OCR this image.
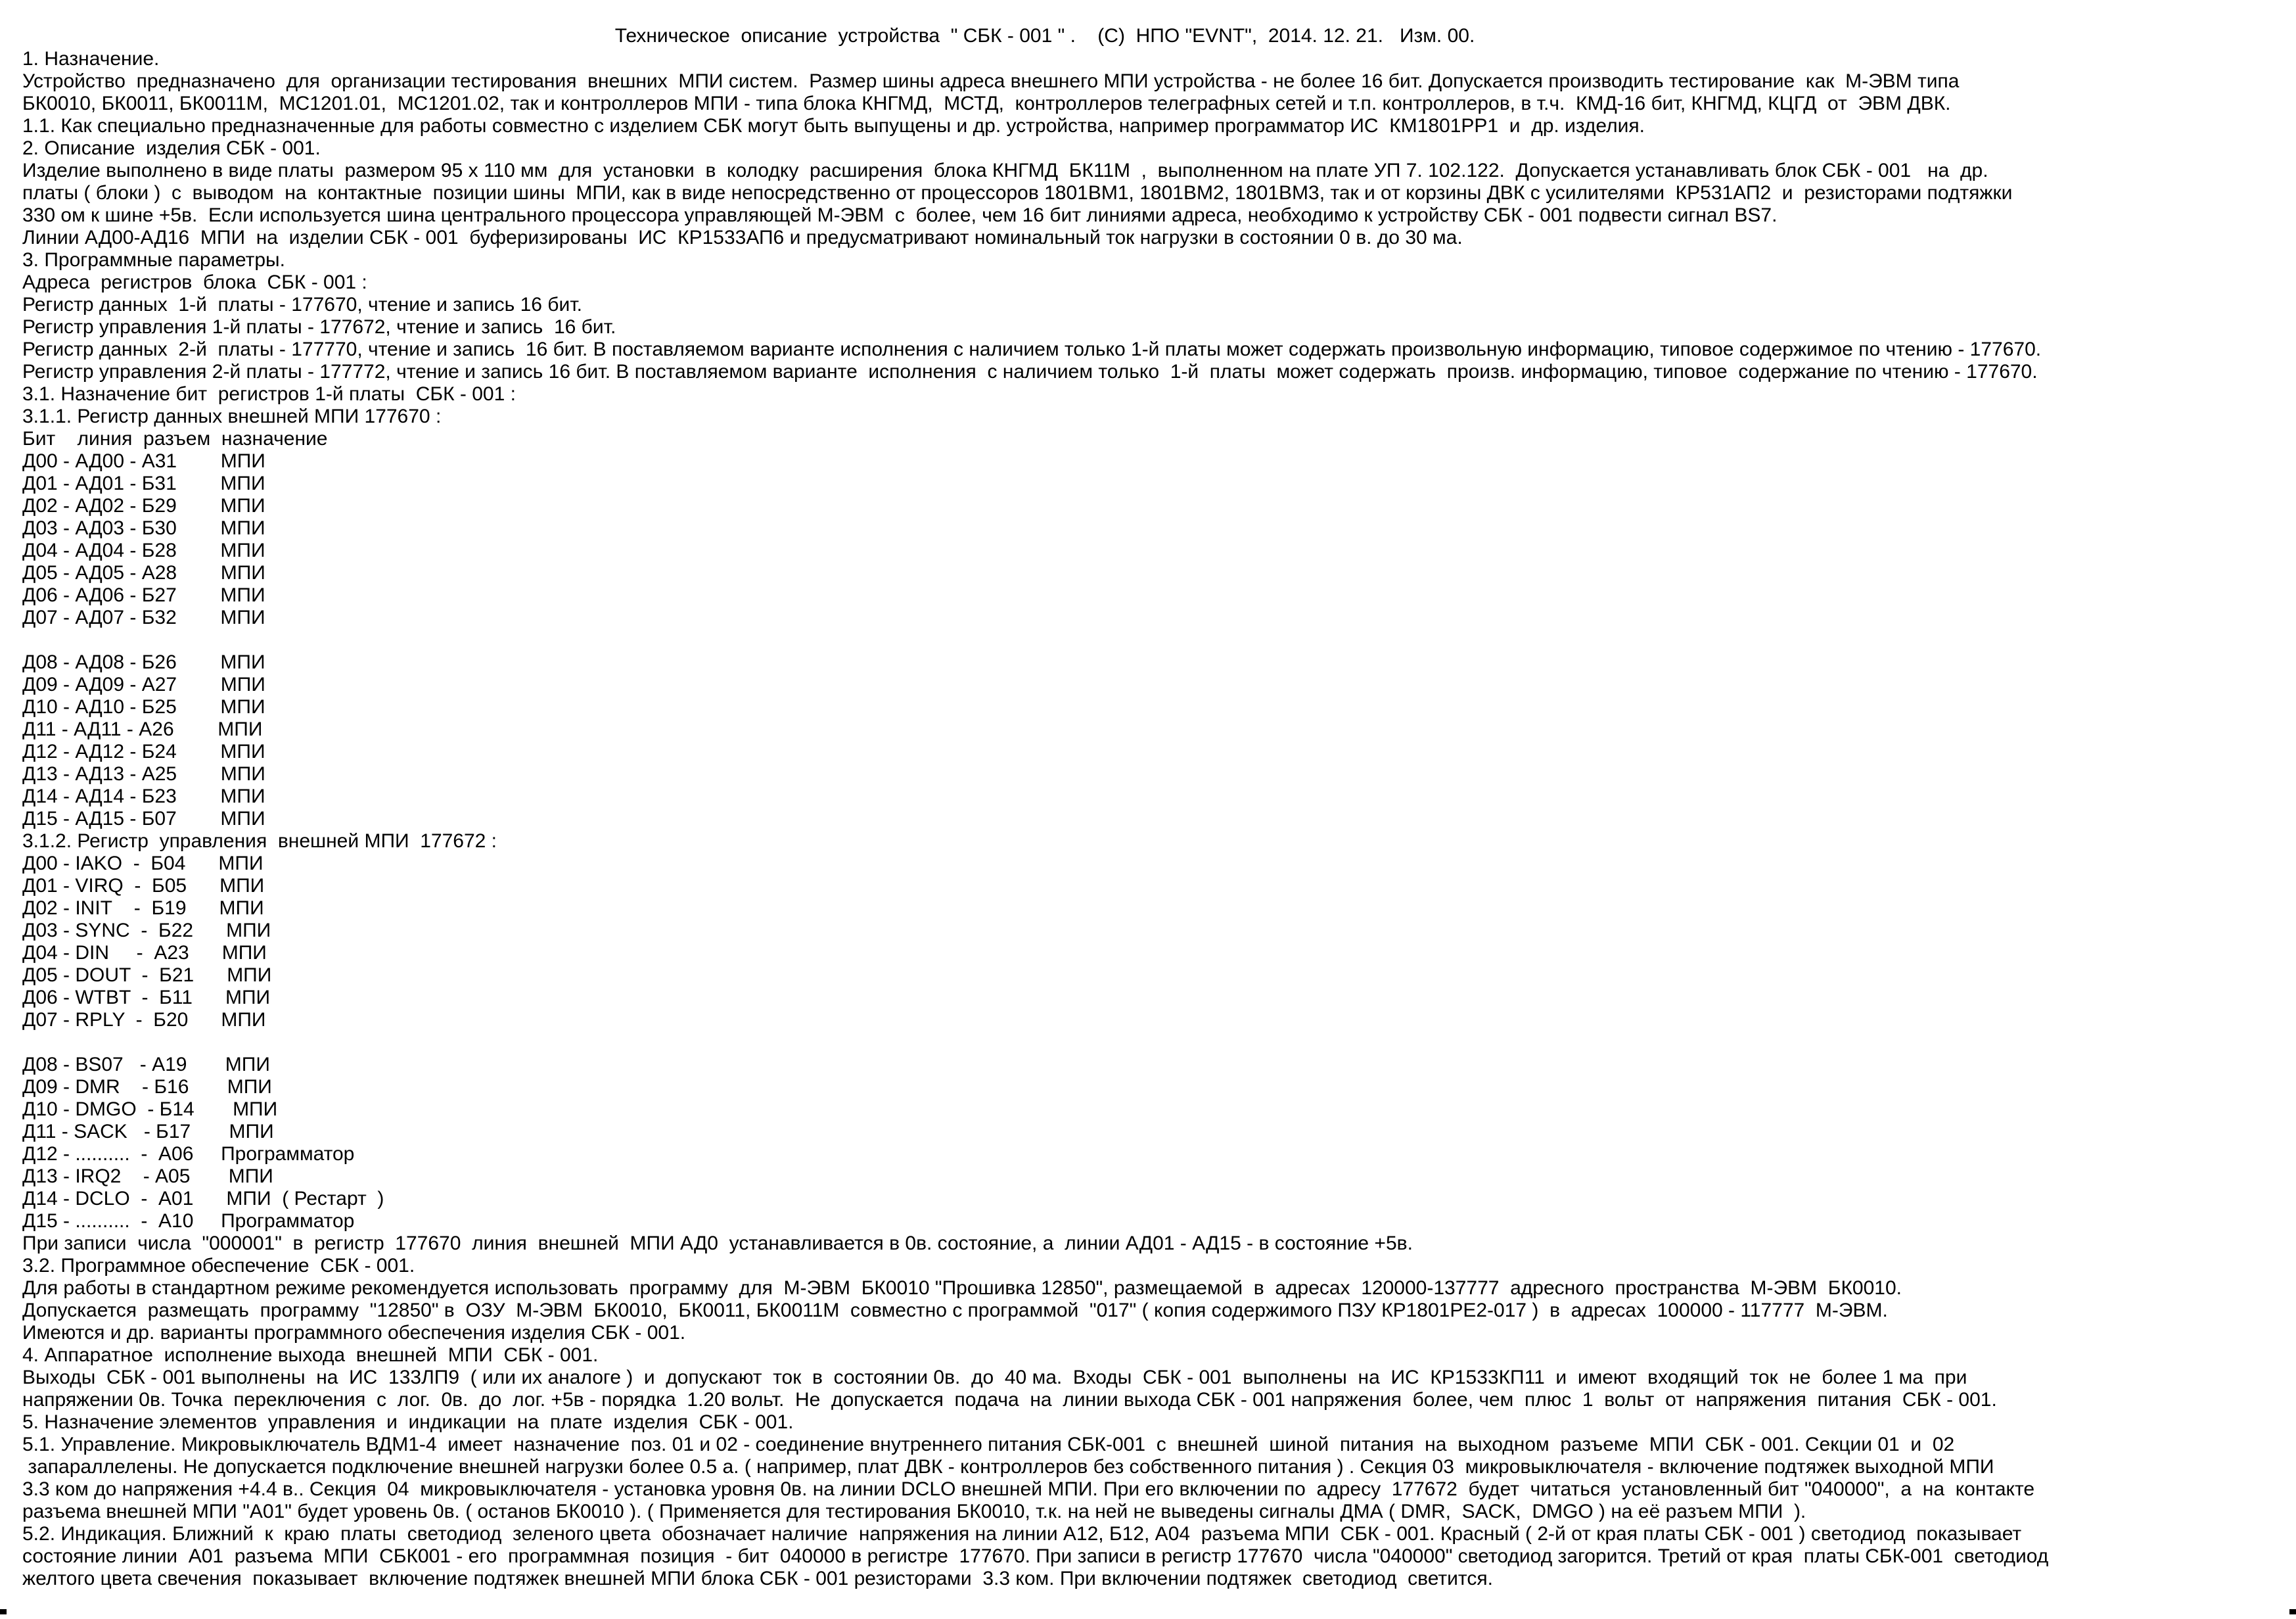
Техническое  описание  устройства  " СБК - 001 " .    (С)  НПО "EVNT",  2014. 12. 21.   Изм. 00.
1. Назначение.
Устройство  предназначено  для  организации тестирования  внешних  МПИ систем.  Размер шины адреса внешнего МПИ устройства - не более 16 бит. Допускается производить тестирование  как  М-ЭВМ типа
БК0010, БК0011, БК0011М,  МС1201.01,  МС1201.02, так и контроллеров МПИ - типа блока КНГМД,  МСТД,  контроллеров телеграфных сетей и т.п. контроллеров, в т.ч.  КМД-16 бит, КНГМД, КЦГД  от  ЭВМ ДВК.
1.1. Как специально предназначенные для работы совместно с изделием СБК могут быть выпущены и др. устройства, например программатор ИС  КМ1801РР1  и  др. изделия.
2. Описание  изделия СБК - 001.
Изделие выполнено в виде платы  размером 95 х 110 мм  для  установки  в  колодку  расширения  блока КНГМД  БК11М  ,  выполненном на плате УП 7. 102.122.  Допускается устанавливать блок СБК - 001   на  др.
платы ( блоки )  с  выводом  на  контактные  позиции шины  МПИ, как в виде непосредственно от процессоров 1801ВМ1, 1801ВМ2, 1801ВМ3, так и от корзины ДВК с усилителями  КР531АП2  и  резисторами подтяжки
330 ом к шине +5в.  Если используется шина центрального процессора управляющей М-ЭВМ  с  более, чем 16 бит линиями адреса, необходимо к устройству СБК - 001 подвести сигнал BS7.
Линии АД00-АД16  МПИ  на  изделии СБК - 001  буферизированы  ИС  КР1533АП6 и предусматривают номинальный ток нагрузки в состоянии 0 в. до 30 ма.
3. Программные параметры.
Адреса  регистров  блока  СБК - 001 :
Регистр данных  1-й  платы - 177670, чтение и запись 16 бит.
Регистр управления 1-й платы - 177672, чтение и запись  16 бит.
Регистр данных  2-й  платы - 177770, чтение и запись  16 бит. В поставляемом варианте исполнения с наличием только 1-й платы может содержать произвольную информацию, типовое содержимое по чтению - 177670.
Регистр управления 2-й платы - 177772, чтение и запись 16 бит. В поставляемом варианте  исполнения  с наличием только  1-й  платы  может содержать  произв. информацию, типовое  содержание по чтению - 177670.
3.1. Назначение бит  регистров 1-й платы  СБК - 001 :
3.1.1. Регистр данных внешней МПИ 177670 :
Бит    линия  разъем  назначение
Д00 - АД00 - А31        МПИ
Д01 - АД01 - Б31        МПИ
Д02 - АД02 - Б29        МПИ
Д03 - АД03 - Б30        МПИ
Д04 - АД04 - Б28        МПИ
Д05 - АД05 - А28        МПИ
Д06 - АД06 - Б27        МПИ
Д07 - АД07 - Б32        МПИ
Д08 - АД08 - Б26        МПИ
Д09 - АД09 - А27        МПИ
Д10 - АД10 - Б25        МПИ
Д11 - АД11 - А26        МПИ
Д12 - АД12 - Б24        МПИ
Д13 - АД13 - А25        МПИ
Д14 - АД14 - Б23        МПИ
Д15 - АД15 - Б07        МПИ
3.1.2. Регистр  управления  внешней МПИ  177672 :
Д00 - IAKO  -  Б04      МПИ
Д01 - VIRQ  -  Б05      МПИ
Д02 - INIT    -  Б19      МПИ
Д03 - SYNC  -  Б22      МПИ
Д04 - DIN     -  А23      МПИ
Д05 - DOUT  -  Б21      МПИ
Д06 - WTBT  -  Б11      МПИ
Д07 - RPLY  -  Б20      МПИ
Д08 - BS07   - А19       МПИ
Д09 - DMR    - Б16       МПИ
Д10 - DMGO  - Б14       МПИ
Д11 - SACK   - Б17       МПИ
Д12 - ..........  -  А06     Программатор
Д13 - IRQ2    - А05       МПИ
Д14 - DCLO  -  А01      МПИ  ( Рестарт  )
Д15 - ..........  -  А10     Программатор
При записи  числа  "000001"  в  регистр  177670  линия  внешней  МПИ АД0  устанавливается в 0в. состояние, а  линии АД01 - АД15 - в состояние +5в.
3.2. Программное обеспечение  СБК - 001.
Для работы в стандартном режиме рекомендуется использовать  программу  для  М-ЭВМ  БК0010 "Прошивка 12850", размещаемой  в  адресах  120000-137777  адресного  пространства  М-ЭВМ  БК0010.
Допускается  размещать  программу  "12850" в  ОЗУ  М-ЭВМ  БК0010,  БК0011, БК0011М  совместно с программой  "017" ( копия содержимого ПЗУ КР1801РЕ2-017 )  в  адресах  100000 - 117777  М-ЭВМ.
Имеются и др. варианты программного обеспечения изделия СБК - 001.
4. Аппаратное  исполнение выхода  внешней  МПИ  СБК - 001.
Выходы  СБК - 001 выполнены  на  ИС  133ЛП9  ( или их аналоге )  и  допускают  ток  в  состоянии 0в.  до  40 ма.  Входы  СБК - 001  выполнены  на  ИС  КР1533КП11  и  имеют  входящий  ток  не  более 1 ма  при
напряжении 0в. Точка  переключения  с  лог.  0в.  до  лог. +5в - порядка  1.20 вольт.  Не  допускается  подача  на  линии выхода СБК - 001 напряжения  более, чем  плюс  1  вольт  от  напряжения  питания  СБК - 001.
5. Назначение элементов  управления  и  индикации  на  плате  изделия  СБК - 001.
5.1. Управление. Микровыключатель ВДМ1-4  имеет  назначение  поз. 01 и 02 - соединение внутреннего питания СБК-001  с  внешней  шиной  питания  на  выходном  разъеме  МПИ  СБК - 001. Секции 01  и  02
запараллелены. Не допускается подключение внешней нагрузки более 0.5 а. ( например, плат ДВК - контроллеров без собственного питания ) . Секция 03  микровыключателя - включение подтяжек выходной МПИ
3.3 ком до напряжения +4.4 в.. Секция  04  микровыключателя - установка уровня 0в. на линии DCLO внешней МПИ. При его включении по  адресу  177672  будет  читаться  установленный бит "040000",  а  на  контакте
разъема внешней МПИ "А01" будет уровень 0в. ( останов БК0010 ). ( Применяется для тестирования БК0010, т.к. на ней не выведены сигналы ДМА ( DMR,  SACK,  DMGO ) на её разъем МПИ  ).
5.2. Индикация. Ближний  к  краю  платы  светодиод  зеленого цвета  обозначает наличие  напряжения на линии А12, Б12, А04  разъема МПИ  СБК - 001. Красный ( 2-й от края платы СБК - 001 ) светодиод  показывает
состояние линии  А01  разъема  МПИ  СБК001 - его  программная  позиция  - бит  040000 в регистре  177670. При записи в регистр 177670  числа "040000" светодиод загорится. Третий от края  платы СБК-001  светодиод
желтого цвета свечения  показывает  включение подтяжек внешней МПИ блока СБК - 001 резисторами  3.3 ком. При включении подтяжек  светодиод  светится.
